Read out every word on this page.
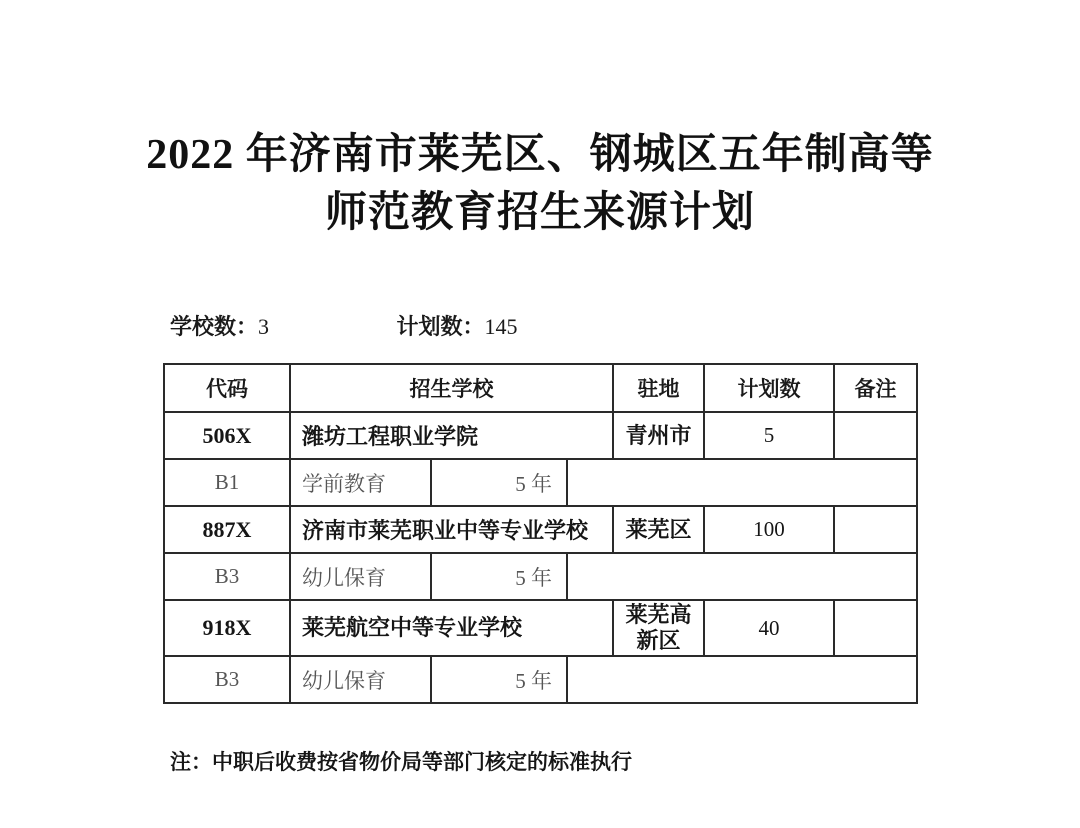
2022 年济南市莱芜区、钢城区五年制高等
师范教育招生来源计划
学校数：3	计划数：145
代码	招生学校			驻地	计划数	备注
506X	潍坊工程职业学院			青州市	5	
B1	学前教育	5 年				
887X	济南市莱芜职业中等专业学校			莱芜区	100	
B3	幼儿保育	5 年				
918X	莱芜航空中等专业学校			莱芜高新区	40	
B3	幼儿保育	5 年				
注：中职后收费按省物价局等部门核定的标准执行
